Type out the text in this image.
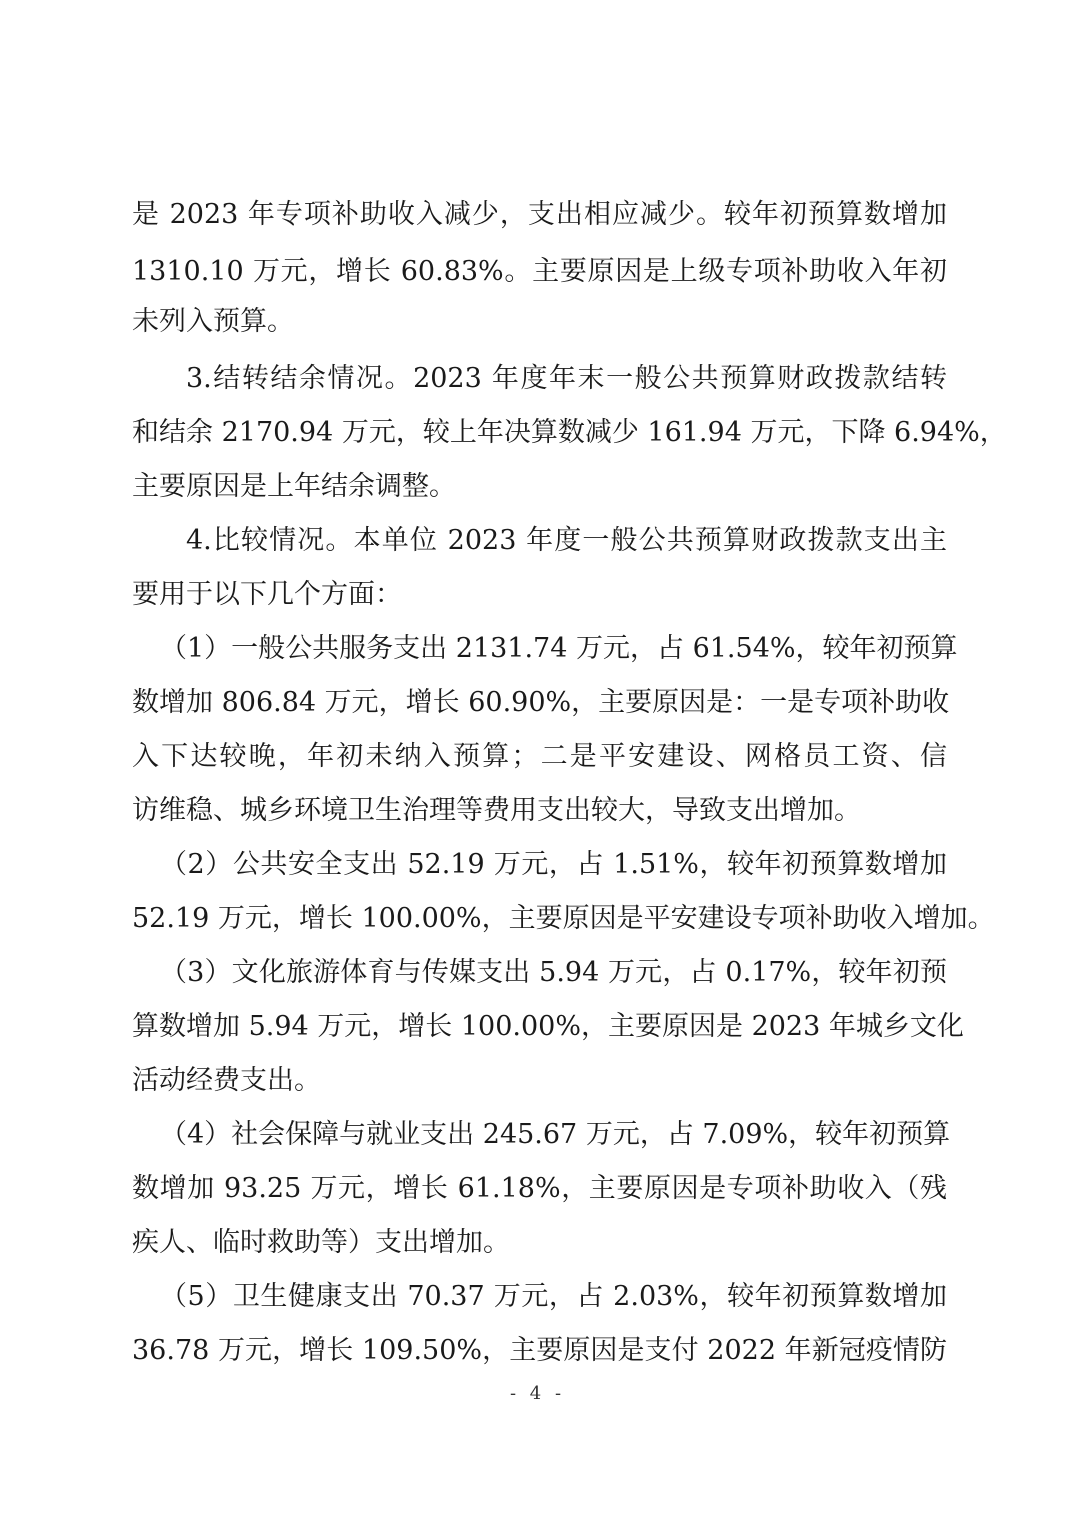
是 2023 年专项补助收入减少，支出相应减少。较年初预算数增加
1310.10 万元，增长 60.83%。主要原因是上级专项补助收入年初
未列入预算。
3.结转结余情况。2023 年度年末一般公共预算财政拨款结转
和结余 2170.94 万元，较上年决算数减少 161.94 万元，下降 6.94%，
主要原因是上年结余调整。
4.比较情况。本单位 2023 年度一般公共预算财政拨款支出主
要用于以下几个方面：
（1）一般公共服务支出 2131.74 万元，占 61.54%，较年初预算
数增加 806.84 万元，增长 60.90%，主要原因是：一是专项补助收
入下达较晚，年初未纳入预算；二是平安建设、网格员工资、信
访维稳、城乡环境卫生治理等费用支出较大，导致支出增加。
（2）公共安全支出 52.19 万元，占 1.51%，较年初预算数增加
52.19 万元，增长 100.00%，主要原因是平安建设专项补助收入增加。
（3）文化旅游体育与传媒支出 5.94 万元，占 0.17%，较年初预
算数增加 5.94 万元，增长 100.00%，主要原因是 2023 年城乡文化
活动经费支出。
（4）社会保障与就业支出 245.67 万元，占 7.09%，较年初预算
数增加 93.25 万元，增长 61.18%，主要原因是专项补助收入（残
疾人、临时救助等）支出增加。
（5）卫生健康支出 70.37 万元，占 2.03%，较年初预算数增加
36.78 万元，增长 109.50%，主要原因是支付 2022 年新冠疫情防
- 4 -
